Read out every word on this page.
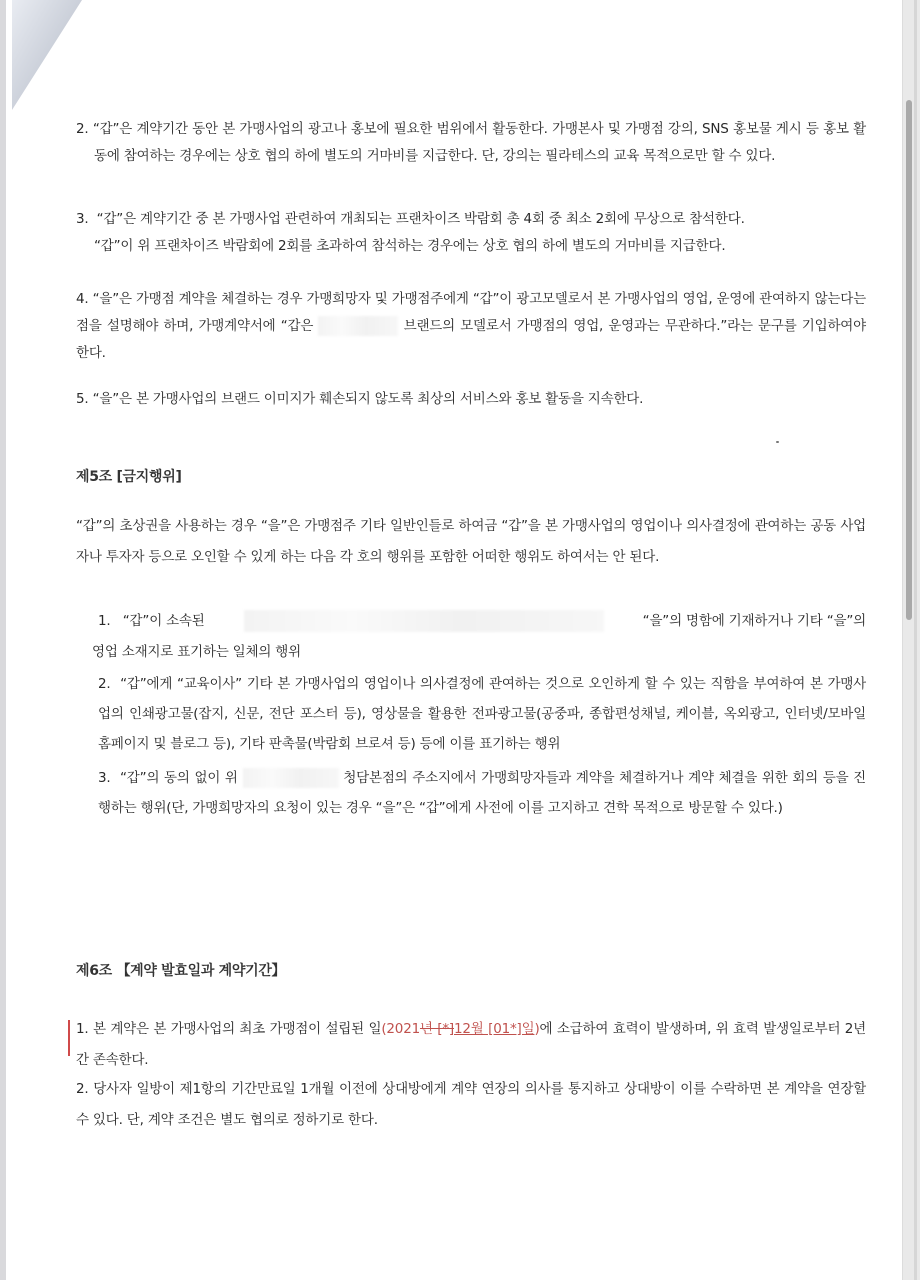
2. “갑”은 계약기간 동안 본 가맹사업의 광고나 홍보에 필요한 범위에서 활동한다. 가맹본사 및 가맹점 강의, SNS 홍보물 게시 등 홍보 활동에 참여하는 경우에는 상호 협의 하에 별도의 거마비를 지급한다. 단, 강의는 필라테스의 교육 목적으로만 할 수 있다.
3. “갑”은 계약기간 중 본 가맹사업 관련하여 개최되는 프랜차이즈 박람회 총 4회 중 최소 2회에 무상으로 참석한다.
“갑”이 위 프랜차이즈 박람회에 2회를 초과하여 참석하는 경우에는 상호 협의 하에 별도의 거마비를 지급한다.
4. “을”은 가맹점 계약을 체결하는 경우 가맹희망자 및 가맹점주에게 “갑”이 광고모델로서 본 가맹사업의 영업, 운영에 관여하지 않는다는 점을 설명해야 하며, 가맹계약서에 “갑은	브랜드의 모델로서 가맹점의 영업, 운영과는 무관하다.”라는 문구를 기입하여야 한다.
5. “을”은 본 가맹사업의 브랜드 이미지가 훼손되지 않도록 최상의 서비스와 홍보 활동을 지속한다.
제5조 [금지행위]
“갑”의 초상권을 사용하는 경우 “을”은 가맹점주 기타 일반인들로 하여금 “갑”을 본 가맹사업의 영업이나 의사결정에 관여하는 공동 사업자나 투자자 등으로 오인할 수 있게 하는 다음 각 호의 행위를 포함한 어떠한 행위도 하여서는 안 된다.
1. “갑”이 소속된	“을”의 명함에 기재하거나 기타 “을”의
영업 소재지로 표기하는 일체의 행위
2. “갑”에게 “교육이사” 기타 본 가맹사업의 영업이나 의사결정에 관여하는 것으로 오인하게 할 수 있는 직함을 부여하여 본 가맹사업의 인쇄광고물(잡지, 신문, 전단 포스터 등), 영상물을 활용한 전파광고물(공중파, 종합편성채널, 케이블, 옥외광고, 인터넷/모바일 홈페이지 및 블로그 등), 기타 판촉물(박람회 브로셔 등) 등에 이를 표기하는 행위
3. “갑”의 동의 없이 위	청담본점의 주소지에서 가맹희망자들과 계약을 체결하거나 계약 체결을 위한 회의 등을 진행하는 행위(단, 가맹희망자의 요청이 있는 경우 “을”은 “갑”에게 사전에 이를 고지하고 견학 목적으로 방문할 수 있다.)
제6조 【계약 발효일과 계약기간】
1. 본 계약은 본 가맹사업의 최초 가맹점이 설립된 일(2021년 [*]12월 [01*]일)에 소급하여 효력이 발생하며, 위 효력 발생일로부터 2년간 존속한다.
2. 당사자 일방이 제1항의 기간만료일 1개월 이전에 상대방에게 계약 연장의 의사를 통지하고 상대방이 이를 수락하면 본 계약을 연장할 수 있다. 단, 계약 조건은 별도 협의로 정하기로 한다.
